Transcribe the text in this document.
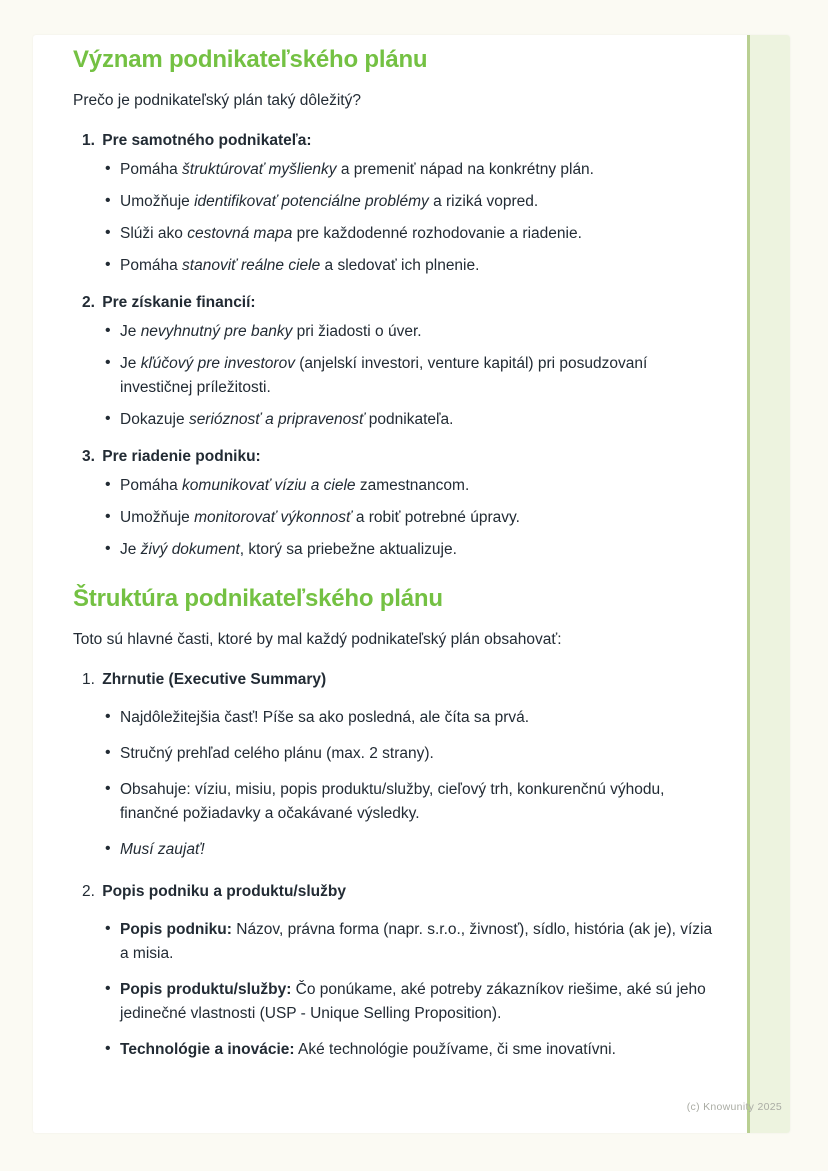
Význam podnikateľského plánu

Prečo je podnikateľský plán taký dôležitý?

1. Pre samotného podnikateľa:
• Pomáha štruktúrovať myšlienky a premeniť nápad na konkrétny plán.
• Umožňuje identifikovať potenciálne problémy a riziká vopred.
• Slúži ako cestovná mapa pre každodenné rozhodovanie a riadenie.
• Pomáha stanoviť reálne ciele a sledovať ich plnenie.
2. Pre získanie financií:
• Je nevyhnutný pre banky pri žiadosti o úver.
• Je kľúčový pre investorov (anjelskí investori, venture kapitál) pri posudzovaní investičnej príležitosti.
• Dokazuje serióznosť a pripravenosť podnikateľa.
3. Pre riadenie podniku:
• Pomáha komunikovať víziu a ciele zamestnancom.
• Umožňuje monitorovať výkonnosť a robiť potrebné úpravy.
• Je živý dokument, ktorý sa priebežne aktualizuje.
Štruktúra podnikateľského plánu

Toto sú hlavné časti, ktoré by mal každý podnikateľský plán obsahovať:

1. Zhrnutie (Executive Summary)
• Najdôležitejšia časť! Píše sa ako posledná, ale číta sa prvá.
• Stručný prehľad celého plánu (max. 2 strany).
• Obsahuje: víziu, misiu, popis produktu/služby, cieľový trh, konkurenčnú výhodu, finančné požiadavky a očakávané výsledky.
• Musí zaujať!
2. Popis podniku a produktu/služby
• Popis podniku: Názov, právna forma (napr. s.r.o., živnosť), sídlo, história (ak je), vízia a misia.
• Popis produktu/služby: Čo ponúkame, aké potreby zákazníkov riešime, aké sú jeho jedinečné vlastnosti (USP - Unique Selling Proposition).
• Technológie a inovácie: Aké technológie používame, či sme inovatívni.
(c) Knowunity 2025
